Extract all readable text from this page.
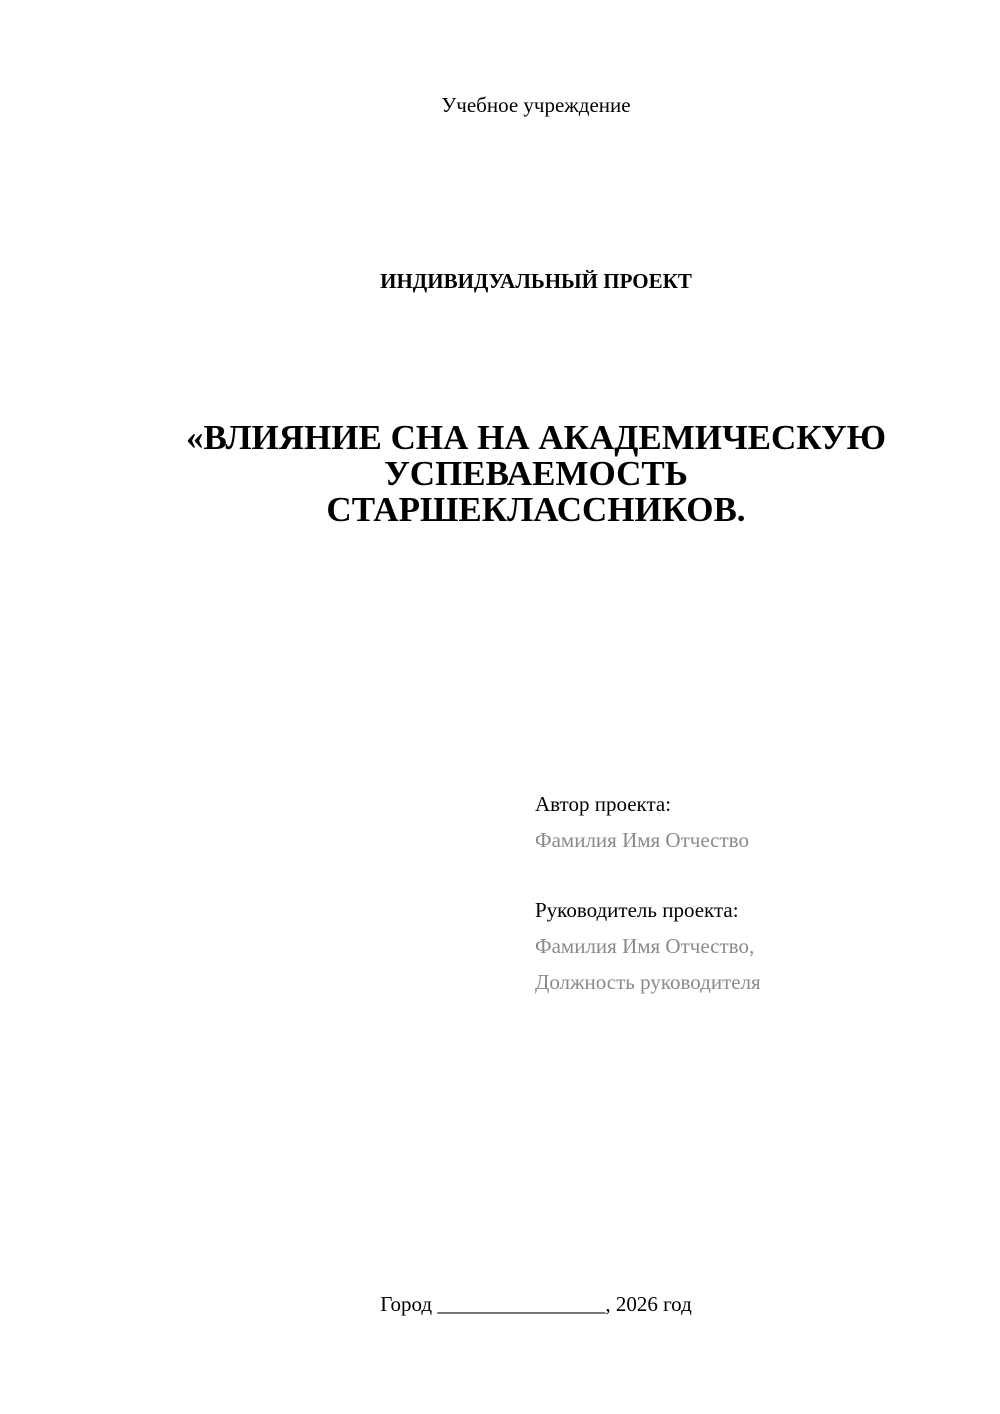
Учебное учреждение
ИНДИВИДУАЛЬНЫЙ ПРОЕКТ
«ВЛИЯНИЕ СНА НА АКАДЕМИЧЕСКУЮ
УСПЕВАЕМОСТЬ
СТАРШЕКЛАССНИКОВ.
Автор проекта:
Фамилия Имя Отчество
Руководитель проекта:
Фамилия Имя Отчество,
Должность руководителя
Город ________________, 2026 год
